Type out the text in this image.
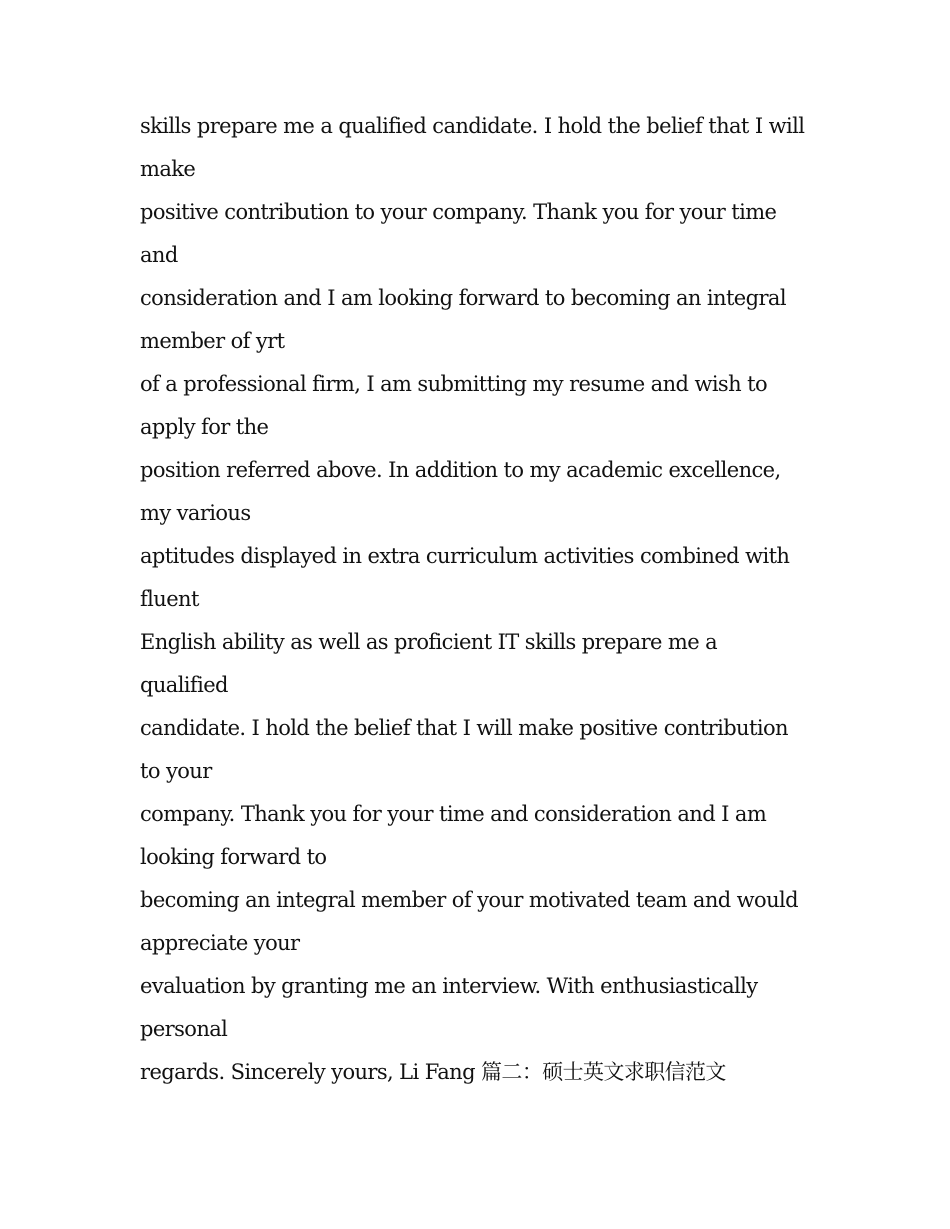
skills prepare me a qualified candidate. I hold the belief that I will
make
positive contribution to your company. Thank you for your time
and
consideration and I am looking forward to becoming an integral
member of yrt
of a professional firm, I am submitting my resume and wish to
apply for the
position referred above. In addition to my academic excellence,
my various
aptitudes displayed in extra curriculum activities combined with
fluent
English ability as well as proficient IT skills prepare me a
qualified
candidate. I hold the belief that I will make positive contribution
to your
company. Thank you for your time and consideration and I am
looking forward to
becoming an integral member of your motivated team and would
appreciate your
evaluation by granting me an interview. With enthusiastically
personal
regards. Sincerely yours, Li Fang 篇二：硕士英文求职信范文
